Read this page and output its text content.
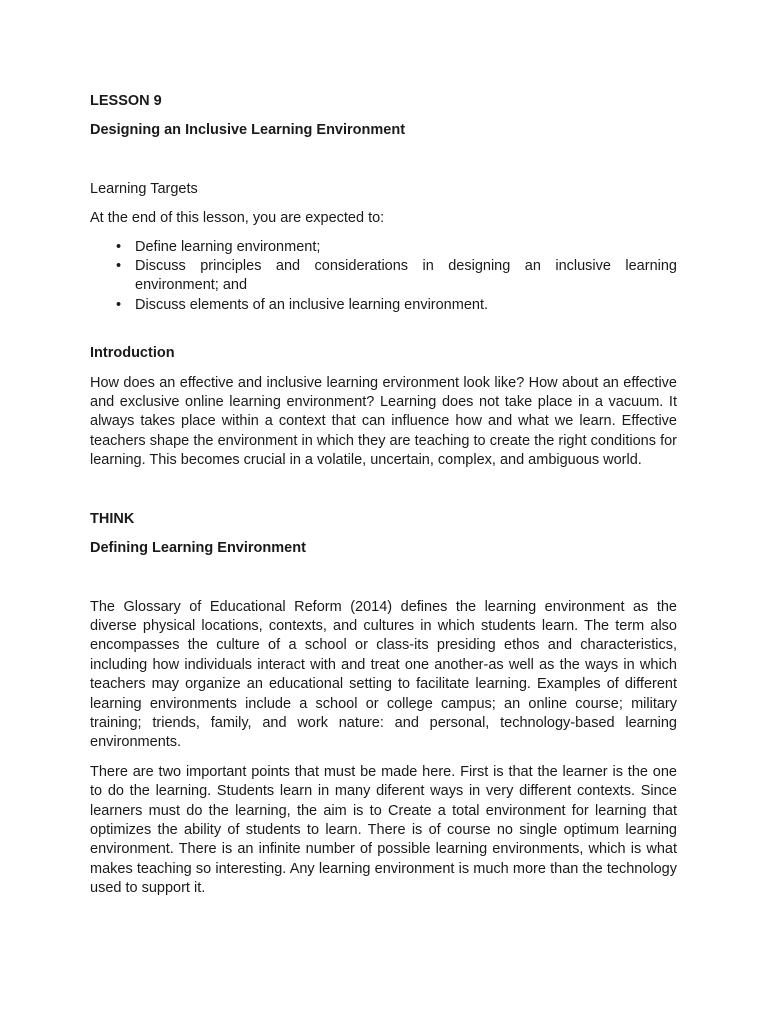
LESSON 9

Designing an Inclusive Learning Environment

Learning Targets

At the end of this lesson, you are expected to:

• Define learning environment;
• Discuss principles and considerations in designing an inclusive learning environment; and
• Discuss elements of an inclusive learning environment.

Introduction

How does an effective and inclusive learning ervironment look like? How about an effective and exclusive online learning environment? Learning does not take place in a vacuum. It always takes place within a context that can influence how and what we learn. Effective teachers shape the environment in which they are teaching to create the right conditions for learning. This becomes crucial in a volatile, uncertain, complex, and ambiguous world.

THINK

Defining Learning Environment

The Glossary of Educational Reform (2014) defines the learning environment as the diverse physical locations, contexts, and cultures in which students learn. The term also encompasses the culture of a school or class-its presiding ethos and characteristics, including how individuals interact with and treat one another-as well as the ways in which teachers may organize an educational setting to facilitate learning. Examples of different learning environments include a school or college campus; an online course; military training; triends, family, and work nature: and personal, technology-based learning environments.

There are two important points that must be made here. First is that the learner is the one to do the learning. Students learn in many diferent ways in very different contexts. Since learners must do the learning, the aim is to Create a total environment for learning that optimizes the ability of students to learn. There is of course no single optimum learning environment. There is an infinite number of possible learning environments, which is what makes teaching so interesting. Any learning environment is much more than the technology used to support it.
